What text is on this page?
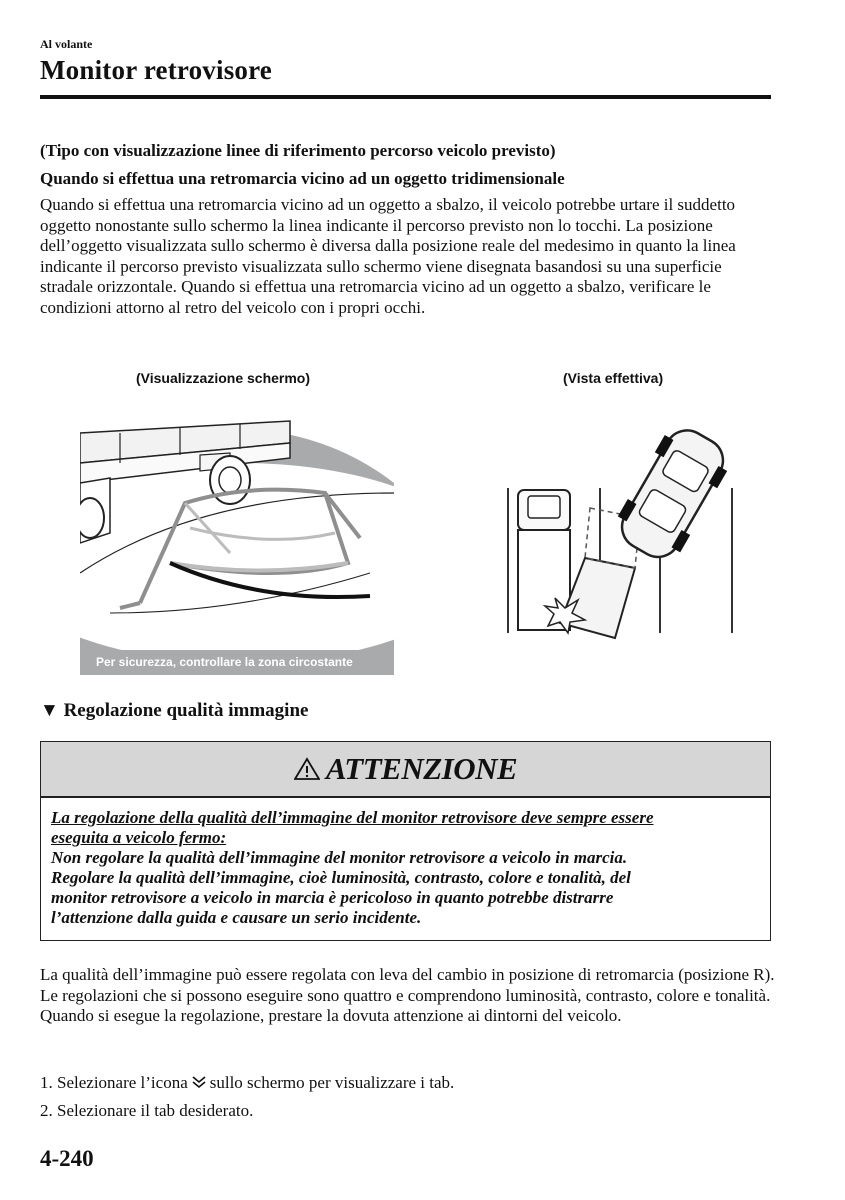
Al volante
Monitor retrovisore
(Tipo con visualizzazione linee di riferimento percorso veicolo previsto)
Quando si effettua una retromarcia vicino ad un oggetto tridimensionale
Quando si effettua una retromarcia vicino ad un oggetto a sbalzo, il veicolo potrebbe urtare il suddetto oggetto nonostante sullo schermo la linea indicante il percorso previsto non lo tocchi. La posizione dell’oggetto visualizzata sullo schermo è diversa dalla posizione reale del medesimo in quanto la linea indicante il percorso previsto visualizzata sullo schermo viene disegnata basandosi su una superficie stradale orizzontale. Quando si effettua una retromarcia vicino ad un oggetto a sbalzo, verificare le condizioni attorno al retro del veicolo con i propri occhi.
(Visualizzazione schermo)	(Vista effettiva)
Per sicurezza, controllare la zona circostante
▼ Regolazione qualità immagine
ATTENZIONE
La regolazione della qualità dell’immagine del monitor retrovisore deve sempre essere
eseguita a veicolo fermo:
Non regolare la qualità dell’immagine del monitor retrovisore a veicolo in marcia.
Regolare la qualità dell’immagine, cioè luminosità, contrasto, colore e tonalità, del
monitor retrovisore a veicolo in marcia è pericoloso in quanto potrebbe distrarre
l’attenzione dalla guida e causare un serio incidente.
La qualità dell’immagine può essere regolata con leva del cambio in posizione di retromarcia (posizione R). Le regolazioni che si possono eseguire sono quattro e comprendono luminosità, contrasto, colore e tonalità. Quando si esegue la regolazione, prestare la dovuta attenzione ai dintorni del veicolo.
1. Selezionare l’icona sullo schermo per visualizzare i tab.
2. Selezionare il tab desiderato.
4-240
